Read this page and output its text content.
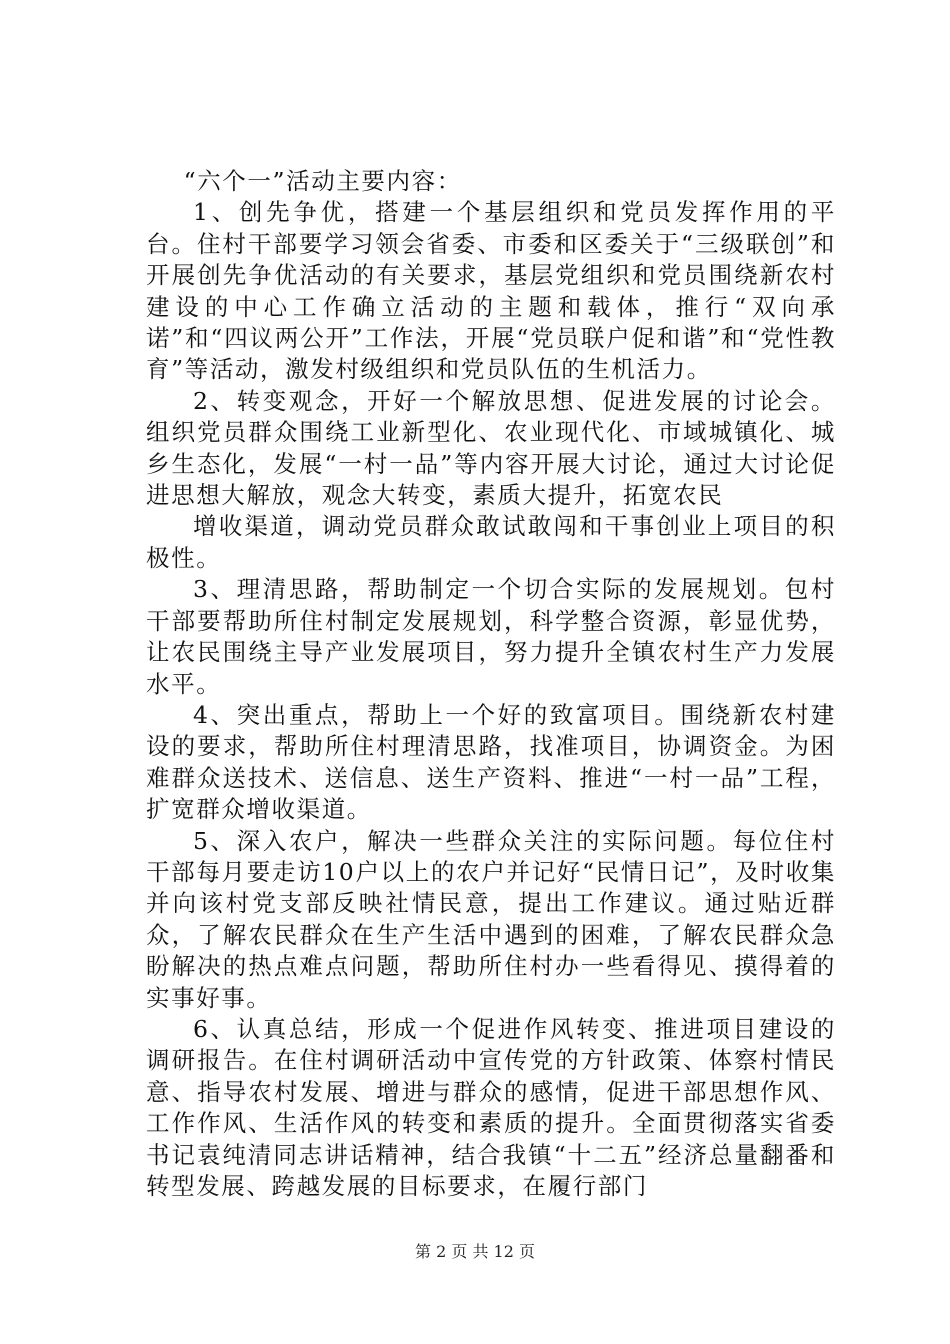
“六个一”活动主要内容：

1、创先争优，搭建一个基层组织和党员发挥作用的平台。住村干部要学习领会省委、市委和区委关于“三级联创”和开展创先争优活动的有关要求，基层党组织和党员围绕新农村建设的中心工作确立活动的主题和载体，推行“双向承诺”和“四议两公开”工作法，开展“党员联户促和谐”和“党性教育”等活动，激发村级组织和党员队伍的生机活力。

2、转变观念，开好一个解放思想、促进发展的讨论会。组织党员群众围绕工业新型化、农业现代化、市域城镇化、城乡生态化，发展“一村一品”等内容开展大讨论，通过大讨论促进思想大解放，观念大转变，素质大提升，拓宽农民

增收渠道，调动党员群众敢试敢闯和干事创业上项目的积极性。

3、理清思路，帮助制定一个切合实际的发展规划。包村干部要帮助所住村制定发展规划，科学整合资源，彰显优势，让农民围绕主导产业发展项目，努力提升全镇农村生产力发展水平。

4、突出重点，帮助上一个好的致富项目。围绕新农村建设的要求，帮助所住村理清思路，找准项目，协调资金。为困难群众送技术、送信息、送生产资料、推进“一村一品”工程，扩宽群众增收渠道。

5、深入农户，解决一些群众关注的实际问题。每位住村干部每月要走访10户以上的农户并记好“民情日记”，及时收集并向该村党支部反映社情民意，提出工作建议。通过贴近群众，了解农民群众在生产生活中遇到的困难，了解农民群众急盼解决的热点难点问题，帮助所住村办一些看得见、摸得着的实事好事。

6、认真总结，形成一个促进作风转变、推进项目建设的调研报告。在住村调研活动中宣传党的方针政策、体察村情民意、指导农村发展、增进与群众的感情，促进干部思想作风、工作作风、生活作风的转变和素质的提升。全面贯彻落实省委书记袁纯清同志讲话精神，结合我镇“十二五”经济总量翻番和转型发展、跨越发展的目标要求，在履行部门

第 2 页 共 12 页
